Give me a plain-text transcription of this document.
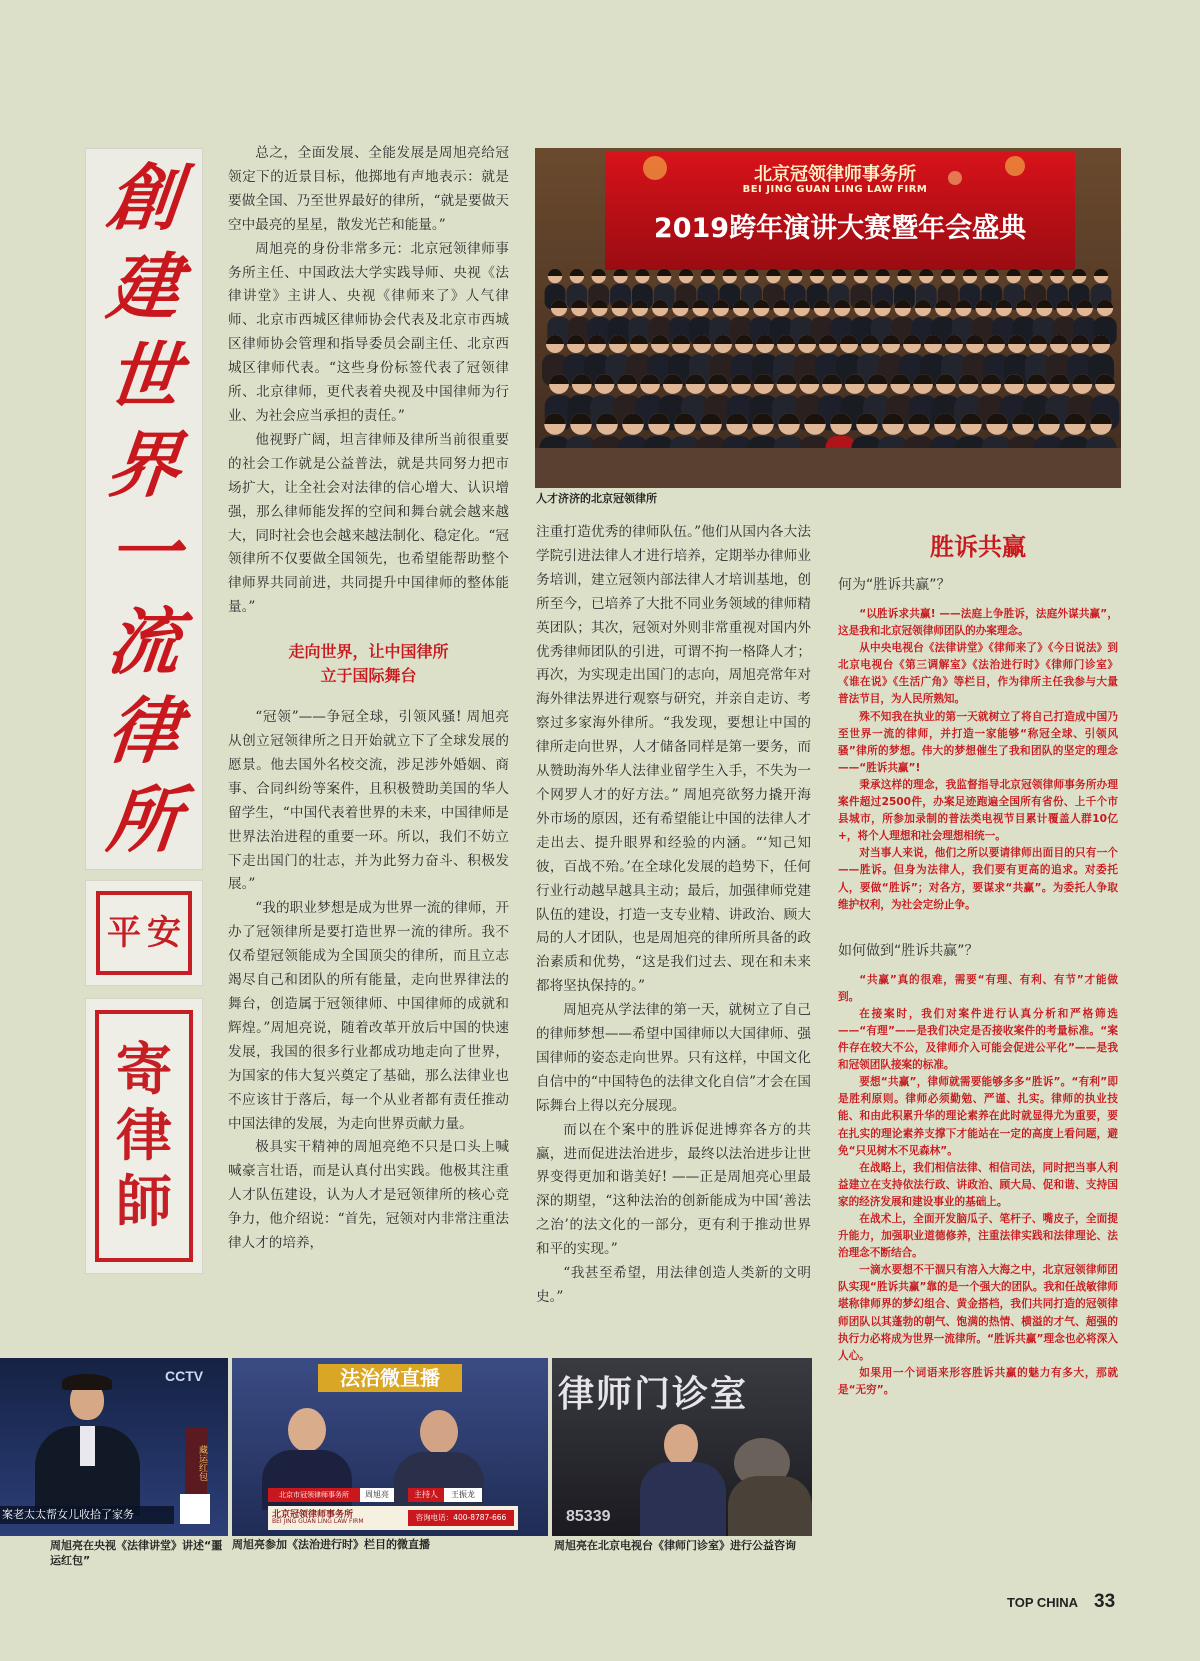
創
建
世
界
一
流
律
所
平 安
寄
律
師

总之，全面发展、全能发展是周旭亮给冠领定下的近景目标，他掷地有声地表示：就是要做全国、乃至世界最好的律所，“就是要做天空中最亮的星星，散发光芒和能量。”

周旭亮的身份非常多元：北京冠领律师事务所主任、中国政法大学实践导师、央视《法律讲堂》主讲人、央视《律师来了》人气律师、北京市西城区律师协会代表及北京市西城区律师协会管理和指导委员会副主任、北京西城区律师代表。“这些身份标签代表了冠领律所、北京律师，更代表着央视及中国律师为行业、为社会应当承担的责任。”

他视野广阔，坦言律师及律所当前很重要的社会工作就是公益普法，就是共同努力把市场扩大，让全社会对法律的信心增大、认识增强，那么律师能发挥的空间和舞台就会越来越大，同时社会也会越来越法制化、稳定化。“冠领律所不仅要做全国领先，也希望能帮助整个律师界共同前进，共同提升中国律师的整体能量。”

走向世界，让中国律所
立于国际舞台

“冠领”——争冠全球，引领风骚! 周旭亮从创立冠领律所之日开始就立下了全球发展的愿景。他去国外名校交流，涉足涉外婚姻、商事、合同纠纷等案件，且积极赞助美国的华人留学生，“中国代表着世界的未来，中国律师是世界法治进程的重要一环。所以，我们不妨立下走出国门的壮志，并为此努力奋斗、积极发展。”

“我的职业梦想是成为世界一流的律师，开办了冠领律所是要打造世界一流的律所。我不仅希望冠领能成为全国顶尖的律所，而且立志竭尽自己和团队的所有能量，走向世界律法的舞台，创造属于冠领律师、中国律师的成就和辉煌。”周旭亮说，随着改革开放后中国的快速发展，我国的很多行业都成功地走向了世界，为国家的伟大复兴奠定了基础，那么法律业也不应该甘于落后，每一个从业者都有责任推动中国法律的发展，为走向世界贡献力量。

极具实干精神的周旭亮绝不只是口头上喊喊豪言壮语，而是认真付出实践。他极其注重人才队伍建设，认为人才是冠领律所的核心竞争力，他介绍说：“首先，冠领对内非常注重法律人才的培养，

北京冠领律师事务所
BEI JING GUAN LING LAW FIRM
2019跨年演讲大赛暨年会盛典
人才济济的北京冠领律所

注重打造优秀的律师队伍。”他们从国内各大法学院引进法律人才进行培养，定期举办律师业务培训，建立冠领内部法律人才培训基地，创所至今，已培养了大批不同业务领域的律师精英团队；其次，冠领对外则非常重视对国内外优秀律师团队的引进，可谓不拘一格降人才；再次，为实现走出国门的志向，周旭亮常年对海外律法界进行观察与研究，并亲自走访、考察过多家海外律所。“我发现，要想让中国的律所走向世界，人才储备同样是第一要务，而从赞助海外华人法律业留学生入手，不失为一个网罗人才的好方法。” 周旭亮欲努力撬开海外市场的原因，还有希望能让中国的法律人才走出去、提升眼界和经验的内涵。“‘知己知彼，百战不殆。’在全球化发展的趋势下，任何行业行动越早越具主动；最后，加强律师党建队伍的建设，打造一支专业精、讲政治、顾大局的人才团队，也是周旭亮的律所所具备的政治素质和优势，“这是我们过去、现在和未来都将坚执保持的。”

周旭亮从学法律的第一天，就树立了自己的律师梦想——希望中国律师以大国律师、强国律师的姿态走向世界。只有这样，中国文化自信中的“中国特色的法律文化自信”才会在国际舞台上得以充分展现。

而以在个案中的胜诉促进博弈各方的共赢，进而促进法治进步，最终以法治进步让世界变得更加和谐美好! ——正是周旭亮心里最深的期望，“这种法治的创新能成为中国‘善法之治’的法文化的一部分，更有利于推动世界和平的实现。”

“我甚至希望，用法律创造人类新的文明史。”

胜诉共赢
何为“胜诉共赢”？

“以胜诉求共赢! ——法庭上争胜诉，法庭外谋共赢”，这是我和北京冠领律师团队的办案理念。

从中央电视台《法律讲堂》《律师来了》《今日说法》到北京电视台《第三调解室》《法治进行时》《律师门诊室》《谁在说》《生活广角》等栏目，作为律所主任我参与大量普法节目，为人民所熟知。

殊不知我在执业的第一天就树立了将自己打造成中国乃至世界一流的律师，并打造一家能够“称冠全球、引领风骚”律所的梦想。伟大的梦想催生了我和团队的坚定的理念——“胜诉共赢”!

秉承这样的理念，我监督指导北京冠领律师事务所办理案件超过2500件，办案足迹跑遍全国所有省份、上千个市县城市，所参加录制的普法类电视节目累计覆盖人群10亿+，将个人理想和社会理想相统一。

对当事人来说，他们之所以要请律师出面目的只有一个——胜诉。但身为法律人，我们要有更高的追求。对委托人，要做“胜诉”；对各方，要谋求“共赢”。为委托人争取维护权利，为社会定纷止争。

如何做到“胜诉共赢”？

“共赢”真的很难，需要“有理、有利、有节”才能做到。

在接案时，我们对案件进行认真分析和严格筛选——“有理”——是我们决定是否接收案件的考量标准。“案件存在较大不公，及律师介入可能会促进公平化”——是我和冠领团队接案的标准。

要想“共赢”，律师就需要能够多多“胜诉”。“有利”即是胜利原则。律师必须勤勉、严谨、扎实。律师的执业技能、和由此积累升华的理论素养在此时就显得尤为重要，要在扎实的理论素养支撑下才能站在一定的高度上看问题，避免“只见树木不见森林”。

在战略上，我们相信法律、相信司法，同时把当事人利益建立在支持依法行政、讲政治、顾大局、促和谐、支持国家的经济发展和建设事业的基础上。

在战术上，全面开发脑瓜子、笔杆子、嘴皮子，全面提升能力，加强职业道德修养，注重法律实践和法律理论、法治理念不断结合。

一滴水要想不干涸只有溶入大海之中，北京冠领律师团队实现“胜诉共赢”靠的是一个强大的团队。我和任战敏律师堪称律师界的梦幻组合、黄金搭档，我们共同打造的冠领律师团队以其蓬勃的朝气、饱满的热情、横溢的才气、超强的执行力必将成为世界一流律所。“胜诉共赢”理念也必将深入人心。

如果用一个词语来形容胜诉共赢的魅力有多大，那就是“无穷”。

CCTV
藏运红包
案老太太帮女儿收拾了家务
周旭亮在央视《法律讲堂》讲述“噩运红包”
法治微直播
北京市冠领律师事务所	周旭亮	主持人	王振龙
北京冠领律师事务所
BEI JING GUAN LING LAW FIRM	咨询电话：400-8787-666
周旭亮参加《法治进行时》栏目的微直播
律师门诊室
85339
周旭亮在北京电视台《律师门诊室》进行公益咨询
TOP CHINA 33
